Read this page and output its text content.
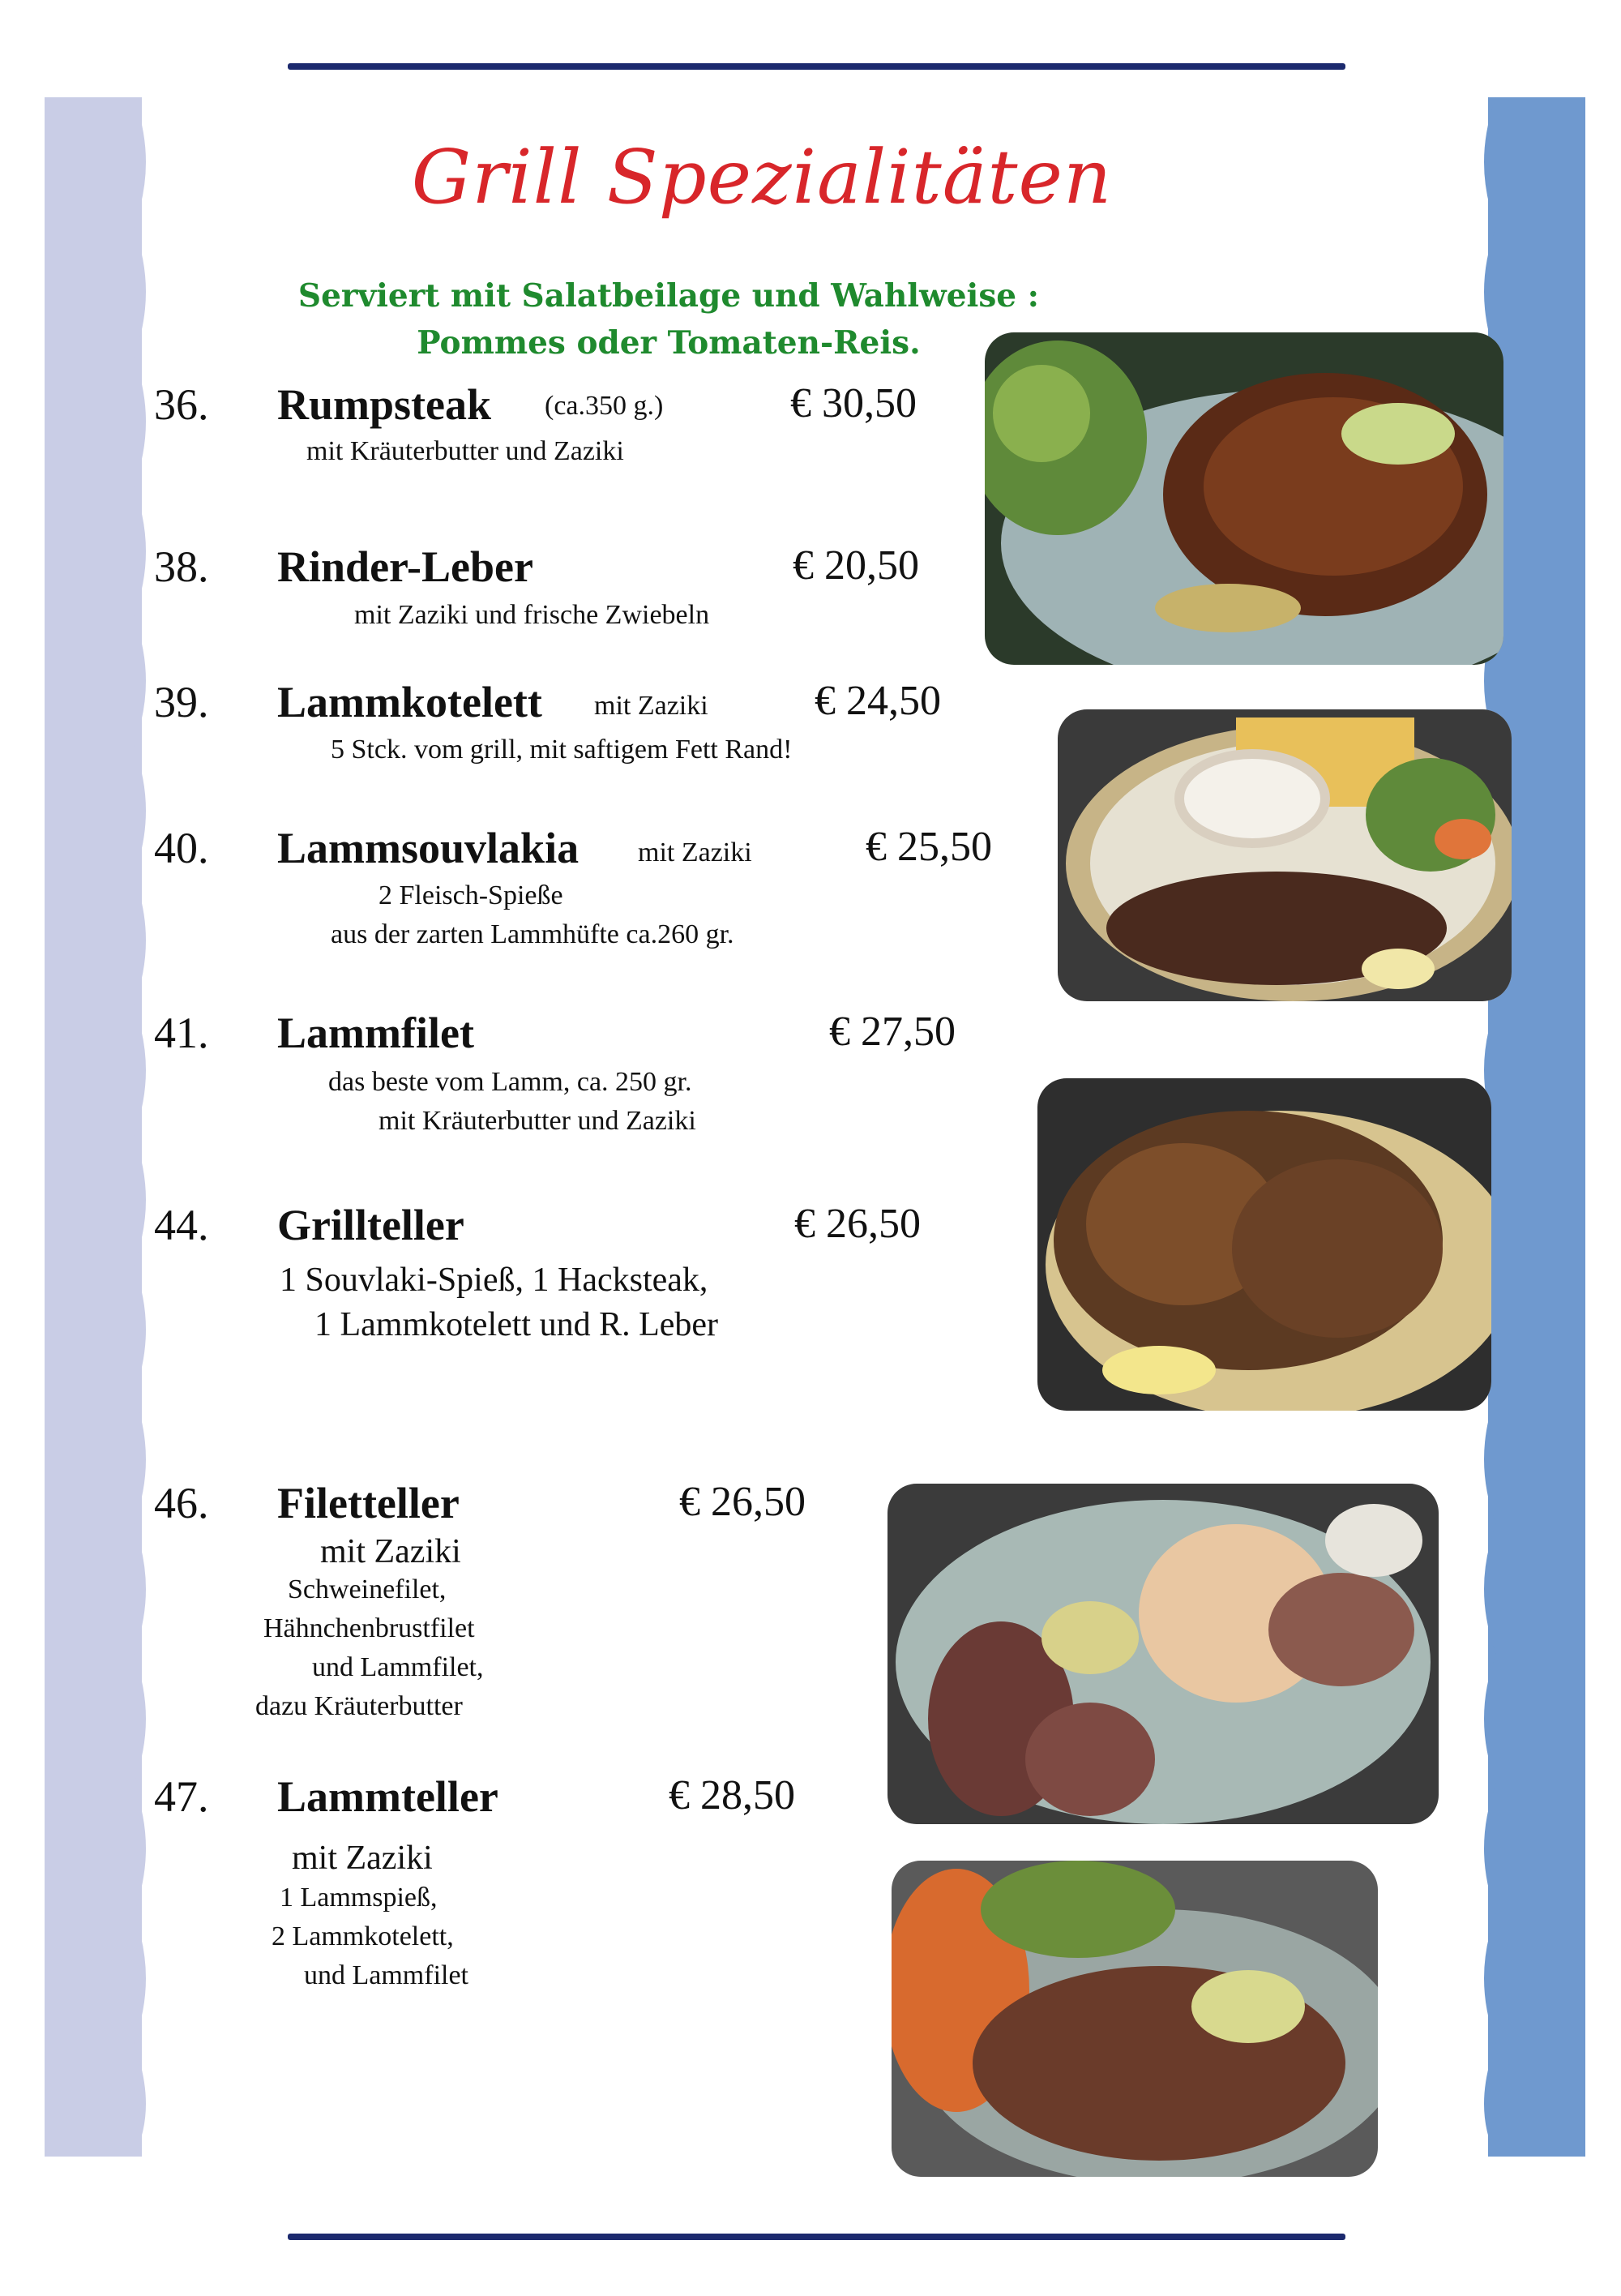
Grill Spezialitäten
Serviert mit Salatbeilage und Wahlweise :
Pommes oder Tomaten-Reis.
36. Rumpsteak (ca.350 g.)	€ 30,50
mit Kräuterbutter und Zaziki
38. Rinder-Leber	€ 20,50
mit Zaziki und frische Zwiebeln
39. Lammkotelett mit Zaziki	€ 24,50
5 Stck. vom grill, mit saftigem Fett Rand!
40. Lammsouvlakia mit Zaziki	€ 25,50
2 Fleisch-Spieße
aus der zarten Lammhüfte ca.260 gr.
41. Lammfilet	€ 27,50
das beste vom Lamm, ca. 250 gr.
mit Kräuterbutter und Zaziki
44. Grillteller	€ 26,50
1 Souvlaki-Spieß, 1 Hacksteak,
1 Lammkotelett und R. Leber
46. Filetteller	€ 26,50
mit Zaziki
Schweinefilet,
Hähnchenbrustfilet
und Lammfilet,
dazu Kräuterbutter
47. Lammteller	€ 28,50
mit Zaziki
1 Lammspieß,
2 Lammkotelett,
und Lammfilet
